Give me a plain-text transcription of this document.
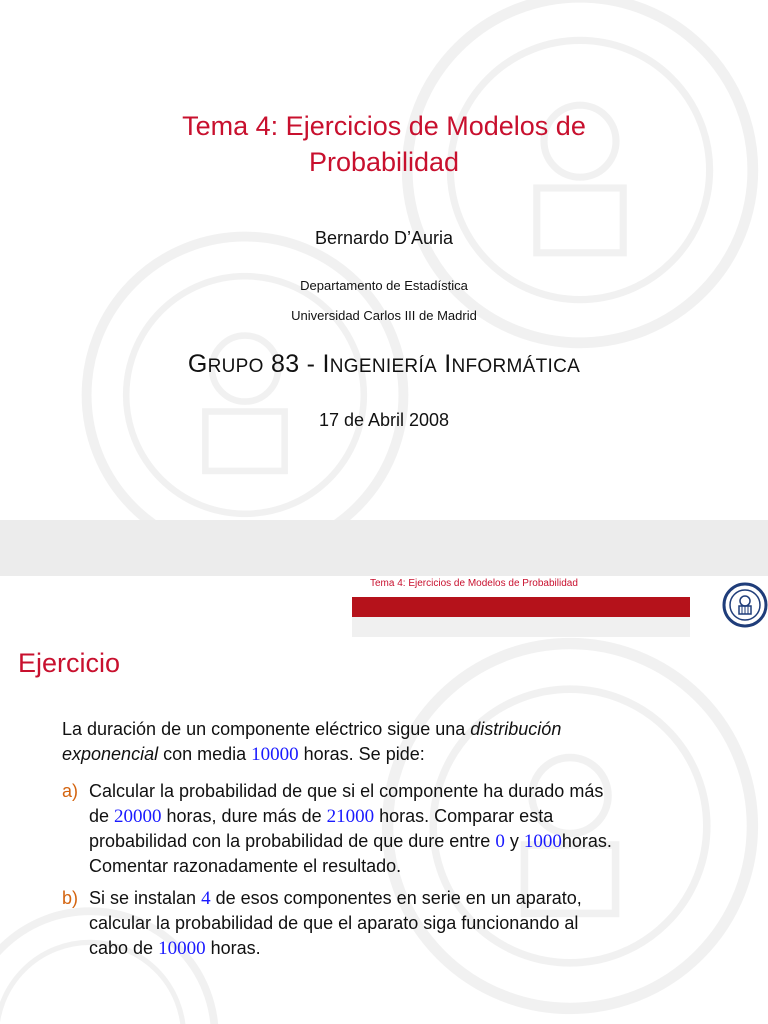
Tema 4: Ejercicios de Modelos de
Probabilidad
Bernardo D’Auria
Departamento de Estadística
Universidad Carlos III de Madrid
GRUPO 83 - INGENIERÍA INFORMÁTICA
17 de Abril 2008
Tema 4: Ejercicios de Modelos de Probabilidad
Ejercicio
La duración de un componente eléctrico sigue una distribución
exponencial con media 10000 horas. Se pide:
a) Calcular la probabilidad de que si el componente ha durado más
de 20000 horas, dure más de 21000 horas. Comparar esta
probabilidad con la probabilidad de que dure entre 0 y 1000horas.
Comentar razonadamente el resultado.
b) Si se instalan 4 de esos componentes en serie en un aparato,
calcular la probabilidad de que el aparato siga funcionando al
cabo de 10000 horas.
